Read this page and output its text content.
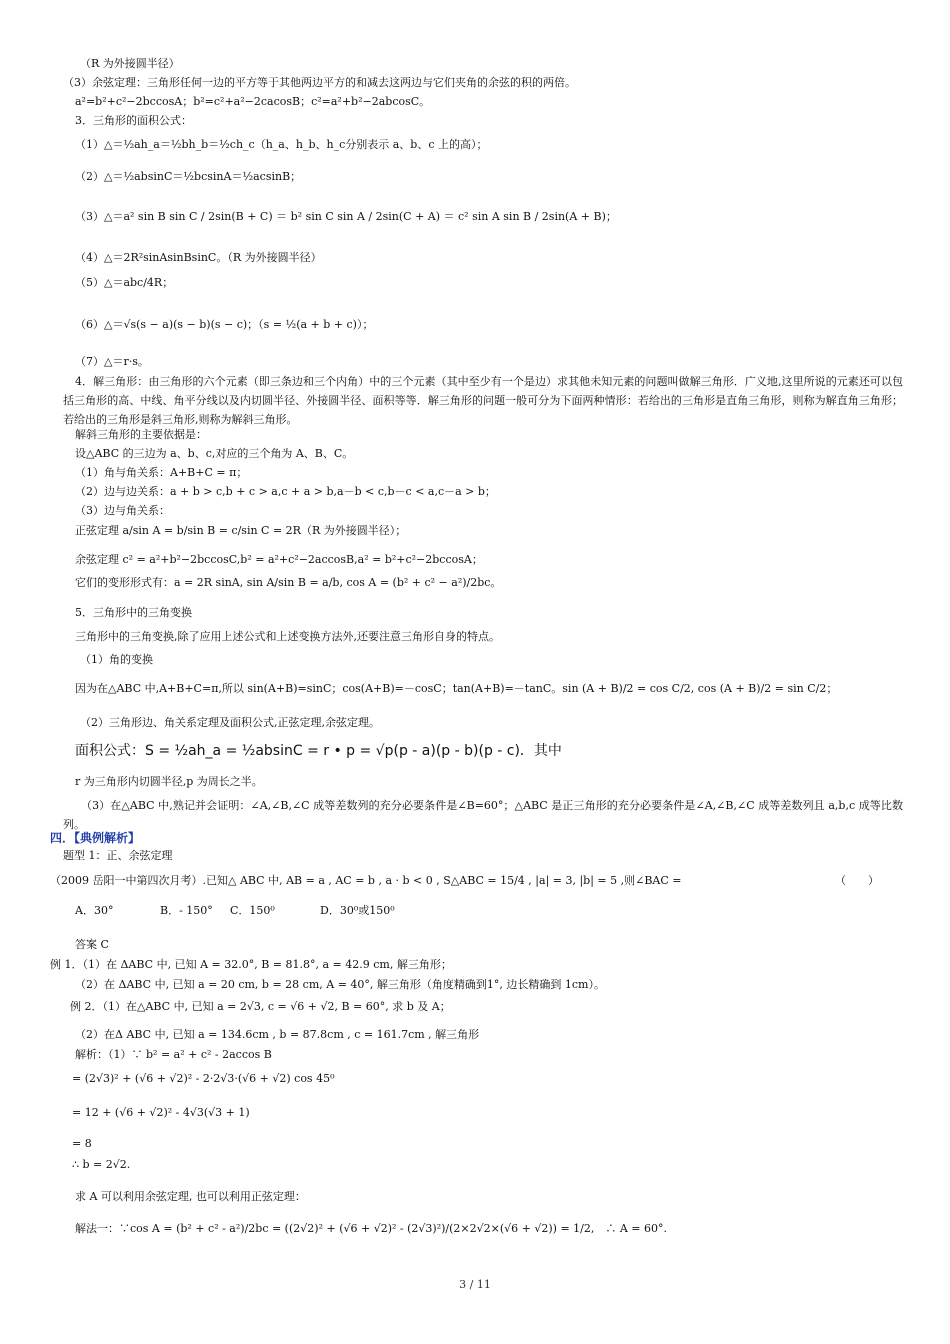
（R 为外接圆半径）
（3）余弦定理：三角形任何一边的平方等于其他两边平方的和减去这两边与它们夹角的余弦的积的两倍。
a²=b²+c²−2bccosA；b²=c²+a²−2cacosB；c²=a²+b²−2abcosC。
3．三角形的面积公式：
（1）△＝½ah_a＝½bh_b＝½ch_c（h_a、h_b、h_c分别表示 a、b、c 上的高）；
（2）△＝½absinC＝½bcsinA＝½acsinB；
（3）△＝a² sin B sin C / 2sin(B + C) ＝ b² sin C sin A / 2sin(C + A) ＝ c² sin A sin B / 2sin(A + B)；
（4）△＝2R²sinAsinBsinC。（R 为外接圆半径）
（5）△＝abc/4R；
（6）△＝√s(s − a)(s − b)(s − c)；（s = ½(a + b + c)）；
（7）△＝r·s。
4．解三角形：由三角形的六个元素（即三条边和三个内角）中的三个元素（其中至少有一个是边）求其他未知元素的问题叫做解三角形．广义地,这里所说的元素还可以包括三角形的高、中线、角平分线以及内切圆半径、外接圆半径、面积等等．解三角形的问题一般可分为下面两种情形：若给出的三角形是直角三角形，则称为解直角三角形；若给出的三角形是斜三角形,则称为解斜三角形。
解斜三角形的主要依据是：
设△ABC 的三边为 a、b、c,对应的三个角为 A、B、C。
（1）角与角关系：A+B+C = π；
（2）边与边关系：a + b > c,b + c > a,c + a > b,a－b < c,b－c < a,c－a > b；
（3）边与角关系：
正弦定理 a/sin A = b/sin B = c/sin C = 2R（R 为外接圆半径）；
余弦定理 c² = a²+b²−2bccosC,b² = a²+c²−2accosB,a² = b²+c²−2bccosA；
它们的变形形式有：a = 2R sinA, sin A/sin B = a/b, cos A = (b² + c² − a²)/2bc。
5．三角形中的三角变换
三角形中的三角变换,除了应用上述公式和上述变换方法外,还要注意三角形自身的特点。
（1）角的变换
因为在△ABC 中,A+B+C=π,所以 sin(A+B)=sinC；cos(A+B)=－cosC；tan(A+B)=－tanC。sin (A + B)/2 = cos C/2, cos (A + B)/2 = sin C/2；
（2）三角形边、角关系定理及面积公式,正弦定理,余弦定理。
面积公式：S = ½ah_a = ½absinC = r • p = √p(p - a)(p - b)(p - c)．其中
r 为三角形内切圆半径,p 为周长之半。
（3）在△ABC 中,熟记并会证明：∠A,∠B,∠C 成等差数列的充分必要条件是∠B=60°；△ABC 是正三角形的充分必要条件是∠A,∠B,∠C 成等差数列且 a,b,c 成等比数列。
四．【典例解析】
题型 1：正、余弦定理
（2009 岳阳一中第四次月考）.已知△ ABC 中, AB = a , AC = b , a · b < 0 , S△ABC = 15/4 , |a| = 3, |b| = 5 ,则∠BAC =	（　　）
A．30°	B．- 150° C．150⁰	D．30⁰或150⁰
答案 C
例 1．（1）在 ΔABC 中, 已知 A = 32.0°, B = 81.8°, a = 42.9 cm, 解三角形；
（2）在 ΔABC 中, 已知 a = 20 cm, b = 28 cm, A = 40°, 解三角形（角度精确到1°, 边长精确到 1cm）。
例 2．（1）在△ABC 中, 已知 a = 2√3, c = √6 + √2, B = 60°, 求 b 及 A；
（2）在Δ ABC 中, 已知 a = 134.6cm , b = 87.8cm , c = 161.7cm , 解三角形
解析：（1）∵ b² = a² + c² - 2accos B
= (2√3)² + (√6 + √2)² - 2·2√3·(√6 + √2) cos 45⁰
= 12 + (√6 + √2)² - 4√3(√3 + 1)
= 8
∴ b = 2√2.
求 A 可以利用余弦定理, 也可以利用正弦定理：
解法一：∵cos A = (b² + c² - a²)/2bc = ((2√2)² + (√6 + √2)² - (2√3)²)/(2×2√2×(√6 + √2)) = 1/2,　∴ A = 60°.
3 / 11
